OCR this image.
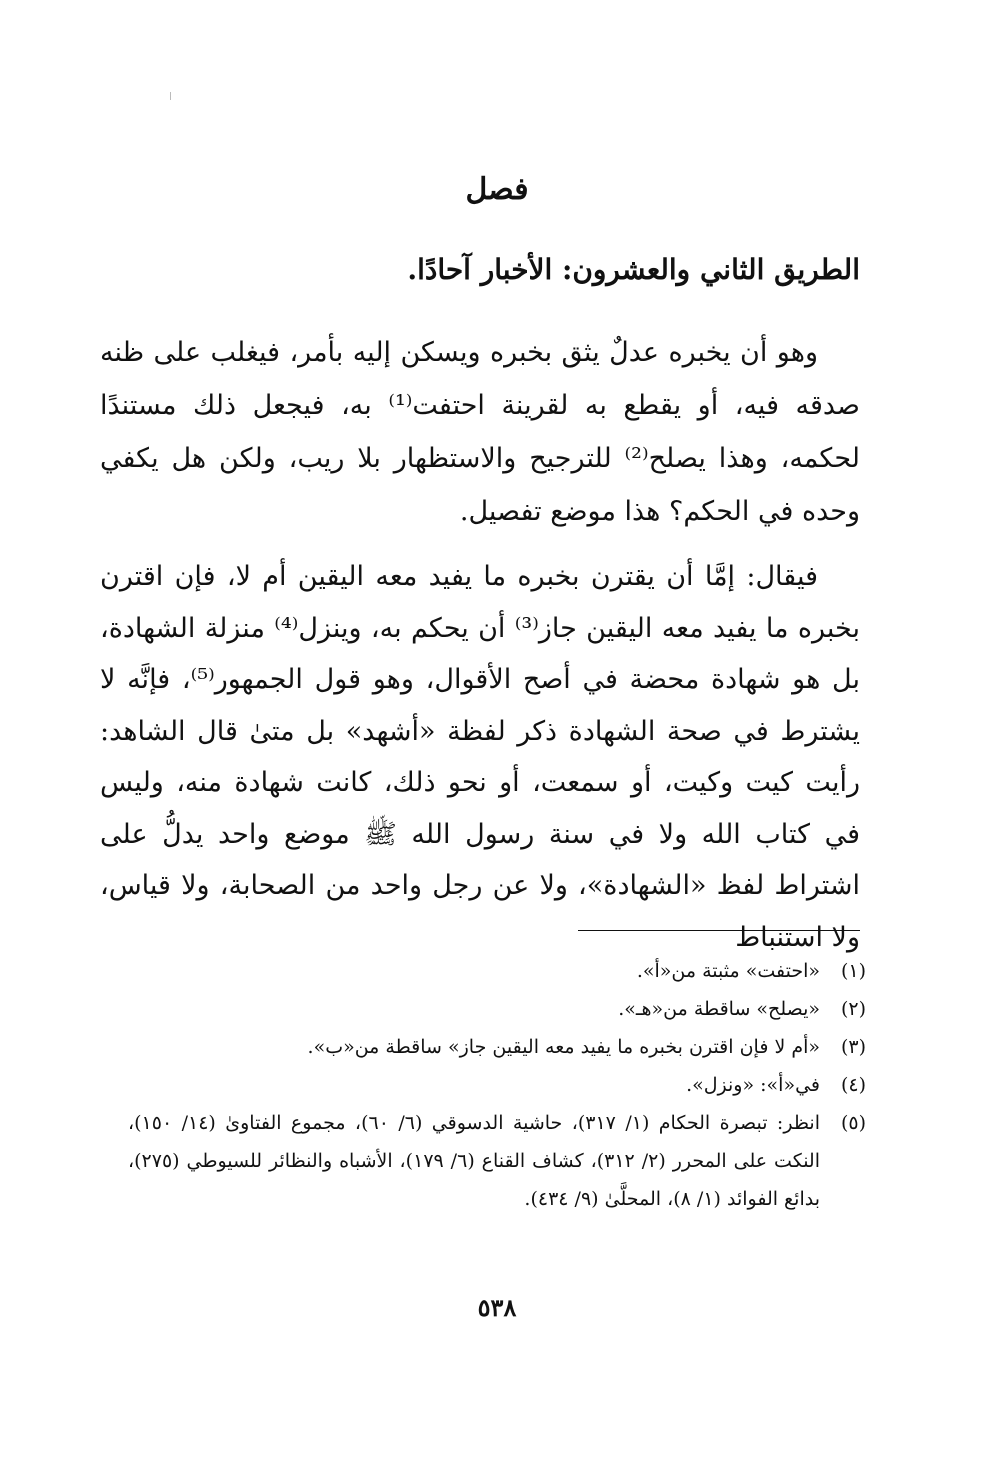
فصل
الطريق الثاني والعشرون: الأخبار آحادًا.

وهو أن يخبره عدلٌ يثق بخبره ويسكن إليه بأمر، فيغلب على ظنه صدقه فيه، أو يقطع به لقرينة احتفت⁽¹⁾ به، فيجعل ذلك مستندًا لحكمه، وهذا يصلح⁽²⁾ للترجيح والاستظهار بلا ريب، ولكن هل يكفي وحده في الحكم؟ هذا موضع تفصيل.

فيقال: إمَّا أن يقترن بخبره ما يفيد معه اليقين أم لا، فإن اقترن بخبره ما يفيد معه اليقين جاز⁽³⁾ أن يحكم به، وينزل⁽⁴⁾ منزلة الشهادة، بل هو شهادة محضة في أصح الأقوال، وهو قول الجمهور⁽⁵⁾، فإنَّه لا يشترط في صحة الشهادة ذكر لفظة «أشهد» بل متىٰ قال الشاهد: رأيت كيت وكيت، أو سمعت، أو نحو ذلك، كانت شهادة منه، وليس في كتاب الله ولا في سنة رسول الله ﷺ موضع واحد يدلُّ على اشتراط لفظ «الشهادة»، ولا عن رجل واحد من الصحابة، ولا قياس، ولا استنباط

(١)
«احتفت» مثبتة من«أ».
(٢)
«يصلح» ساقطة من«هـ».
(٣)
«أم لا فإن اقترن بخبره ما يفيد معه اليقين جاز» ساقطة من«ب».
(٤)
في«أ»: «ونزل».
(٥)
انظر: تبصرة الحكام (١/ ٣١٧)، حاشية الدسوقي (٦/ ٦٠)، مجموع الفتاوىٰ (١٤/ ١٥٠)، النكت على المحرر (٢/ ٣١٢)، كشاف القناع (٦/ ١٧٩)، الأشباه والنظائر للسيوطي (٢٧٥)، بدائع الفوائد (١/ ٨)، المحلَّىٰ (٩/ ٤٣٤).
٥٣٨
